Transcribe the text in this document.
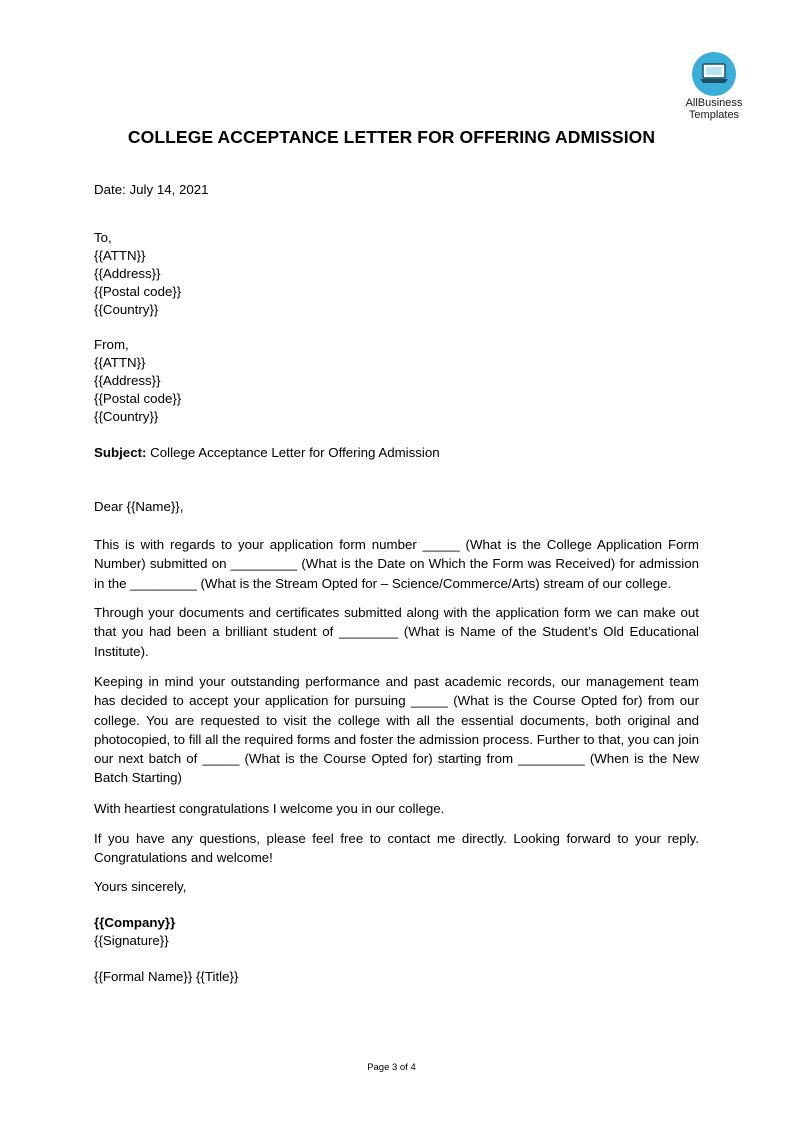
AllBusiness
Templates
COLLEGE ACCEPTANCE LETTER FOR OFFERING ADMISSION
Date: July 14, 2021
To,
{{ATTN}}
{{Address}}
{{Postal code}}
{{Country}}
From,
{{ATTN}}
{{Address}}
{{Postal code}}
{{Country}}
Subject: College Acceptance Letter for Offering Admission
Dear {{Name}},
This is with regards to your application form number _____ (What is the College Application Form Number) submitted on _________ (What is the Date on Which the Form was Received) for admission in the _________ (What is the Stream Opted for – Science/Commerce/Arts) stream of our college.
Through your documents and certificates submitted along with the application form we can make out that you had been a brilliant student of ________ (What is Name of the Student’s Old Educational Institute).
Keeping in mind your outstanding performance and past academic records, our management team has decided to accept your application for pursuing _____ (What is the Course Opted for) from our college. You are requested to visit the college with all the essential documents, both original and photocopied, to fill all the required forms and foster the admission process. Further to that, you can join our next batch of _____ (What is the Course Opted for) starting from _________ (When is the New Batch Starting)
With heartiest congratulations I welcome you in our college.
If you have any questions, please feel free to contact me directly. Looking forward to your reply. Congratulations and welcome!
Yours sincerely,
{{Company}}
{{Signature}}
{{Formal Name}} {{Title}}
Page 3 of 4
